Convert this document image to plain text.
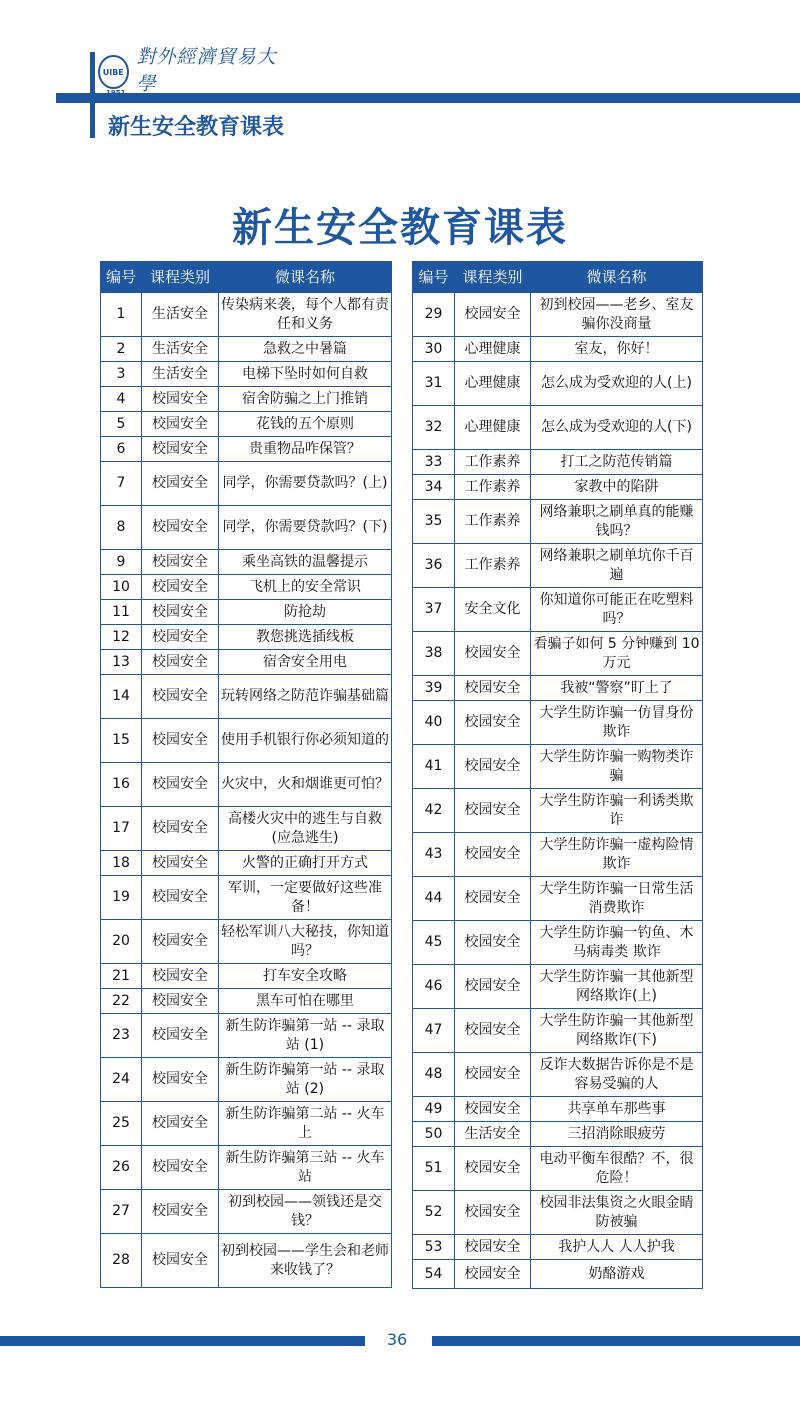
UIBE
1951
對外經濟貿易大學
University of International Business and Economics
新生安全教育课表
新生安全教育课表
编号	课程类别	微课名称
1	生活安全	传染病来袭，每个人都有责任和义务
2	生活安全	急救之中暑篇
3	生活安全	电梯下坠时如何自救
4	校园安全	宿舍防骗之上门推销
5	校园安全	花钱的五个原则
6	校园安全	贵重物品咋保管？
7	校园安全	同学，你需要贷款吗？(上)
8	校园安全	同学，你需要贷款吗？(下)
9	校园安全	乘坐高铁的温馨提示
10	校园安全	飞机上的安全常识
11	校园安全	防抢劫
12	校园安全	教您挑选插线板
13	校园安全	宿舍安全用电
14	校园安全	玩转网络之防范诈骗基础篇
15	校园安全	使用手机银行你必须知道的
16	校园安全	火灾中，火和烟谁更可怕？
17	校园安全	高楼火灾中的逃生与自救(应急逃生)
18	校园安全	火警的正确打开方式
19	校园安全	军训，一定要做好这些准备！
20	校园安全	轻松军训八大秘技，你知道吗？
21	校园安全	打车安全攻略
22	校园安全	黑车可怕在哪里
23	校园安全	新生防诈骗第一站 -- 录取站 (1)
24	校园安全	新生防诈骗第一站 -- 录取站 (2)
25	校园安全	新生防诈骗第二站 -- 火车上
26	校园安全	新生防诈骗第三站 -- 火车站
27	校园安全	初到校园——领钱还是交钱？
28	校园安全	初到校园——学生会和老师来收钱了？
编号	课程类别	微课名称
29	校园安全	初到校园——老乡、室友 骗你没商量
30	心理健康	室友，你好！
31	心理健康	怎么成为受欢迎的人(上)
32	心理健康	怎么成为受欢迎的人(下)
33	工作素养	打工之防范传销篇
34	工作素养	家教中的陷阱
35	工作素养	网络兼职之刷单真的能赚钱吗？
36	工作素养	网络兼职之刷单坑你千百遍
37	安全文化	你知道你可能正在吃塑料吗？
38	校园安全	看骗子如何 5 分钟赚到 10 万元
39	校园安全	我被“警察”盯上了
40	校园安全	大学生防诈骗一仿冒身份欺诈
41	校园安全	大学生防诈骗一购物类诈骗
42	校园安全	大学生防诈骗一利诱类欺诈
43	校园安全	大学生防诈骗一虚构险情欺诈
44	校园安全	大学生防诈骗一日常生活消费欺诈
45	校园安全	大学生防诈骗一钓鱼、木马病毒类 欺诈
46	校园安全	大学生防诈骗一其他新型网络欺诈(上)
47	校园安全	大学生防诈骗一其他新型网络欺诈(下)
48	校园安全	反诈大数据告诉你是不是容易受骗的人
49	校园安全	共享单车那些事
50	生活安全	三招消除眼疲劳
51	校园安全	电动平衡车很酷？不，很危险！
52	校园安全	校园非法集资之火眼金睛 防被骗
53	校园安全	我护人人 人人护我
54	校园安全	奶酪游戏
36
